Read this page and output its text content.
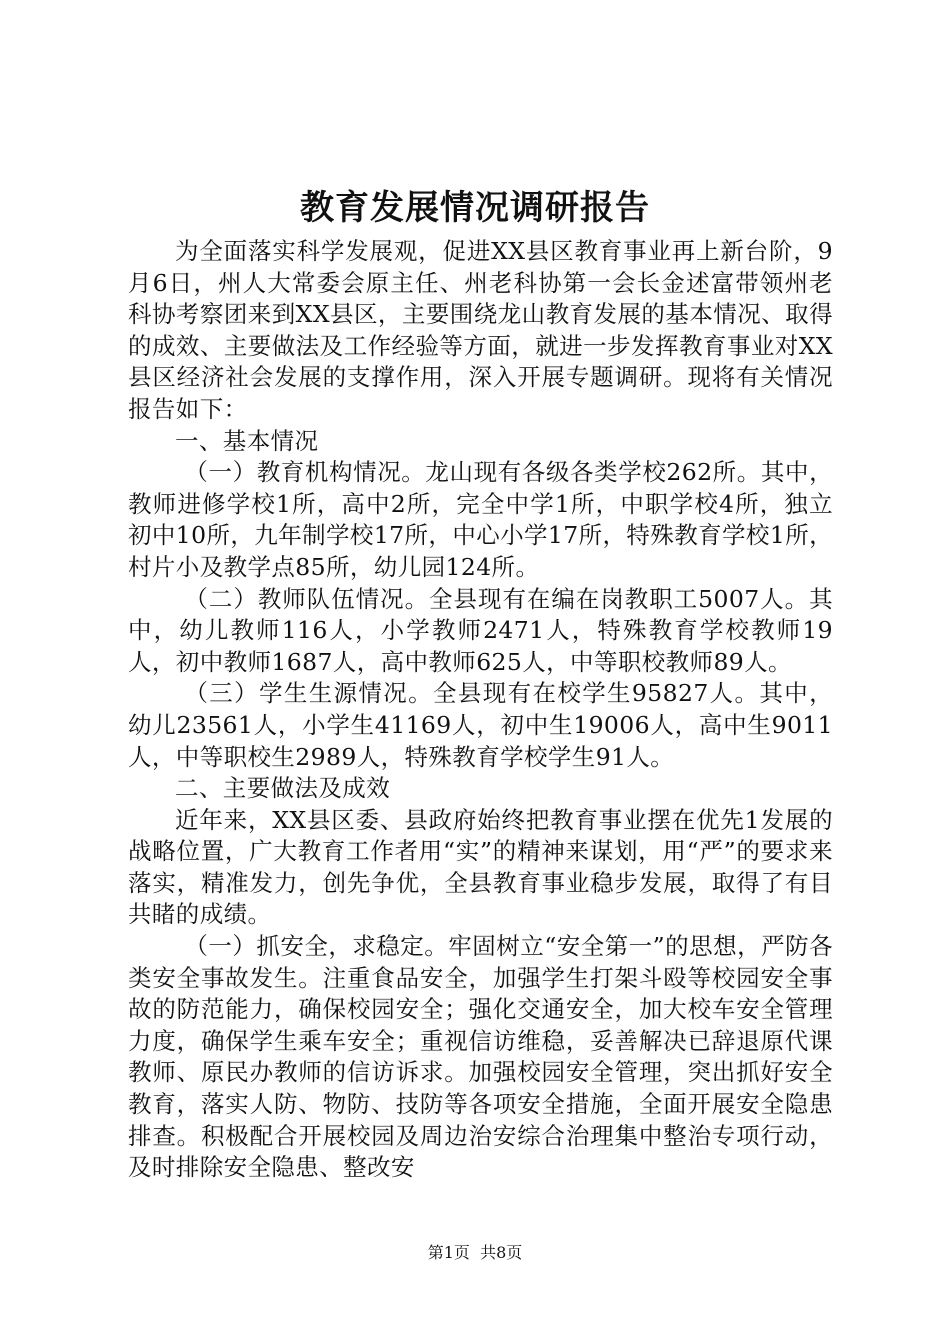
教育发展情况调研报告

为全面落实科学发展观，促进XX县区教育事业再上新台阶，9月6日，州人大常委会原主任、州老科协第一会长金述富带领州老科协考察团来到XX县区，主要围绕龙山教育发展的基本情况、取得的成效、主要做法及工作经验等方面，就进一步发挥教育事业对XX县区经济社会发展的支撑作用，深入开展专题调研。现将有关情况报告如下：

一、基本情况

（一）教育机构情况。龙山现有各级各类学校262所。其中，教师进修学校1所，高中2所，完全中学1所，中职学校4所，独立初中10所，九年制学校17所，中心小学17所，特殊教育学校1所，村片小及教学点85所，幼儿园124所。

（二）教师队伍情况。全县现有在编在岗教职工5007人。其中，幼儿教师116人，小学教师2471人，特殊教育学校教师19人，初中教师1687人，高中教师625人，中等职校教师89人。

（三）学生生源情况。全县现有在校学生95827人。其中，幼儿23561人，小学生41169人，初中生19006人，高中生9011人，中等职校生2989人，特殊教育学校学生91人。

二、主要做法及成效

近年来，XX县区委、县政府始终把教育事业摆在优先1发展的战略位置，广大教育工作者用“实”的精神来谋划，用“严”的要求来落实，精准发力，创先争优，全县教育事业稳步发展，取得了有目共睹的成绩。

（一）抓安全，求稳定。牢固树立“安全第一”的思想，严防各类安全事故发生。注重食品安全，加强学生打架斗殴等校园安全事故的防范能力，确保校园安全；强化交通安全，加大校车安全管理力度，确保学生乘车安全；重视信访维稳，妥善解决已辞退原代课教师、原民办教师的信访诉求。加强校园安全管理，突出抓好安全教育，落实人防、物防、技防等各项安全措施，全面开展安全隐患排查。积极配合开展校园及周边治安综合治理集中整治专项行动，及时排除安全隐患、整改安

第1页 共8页
